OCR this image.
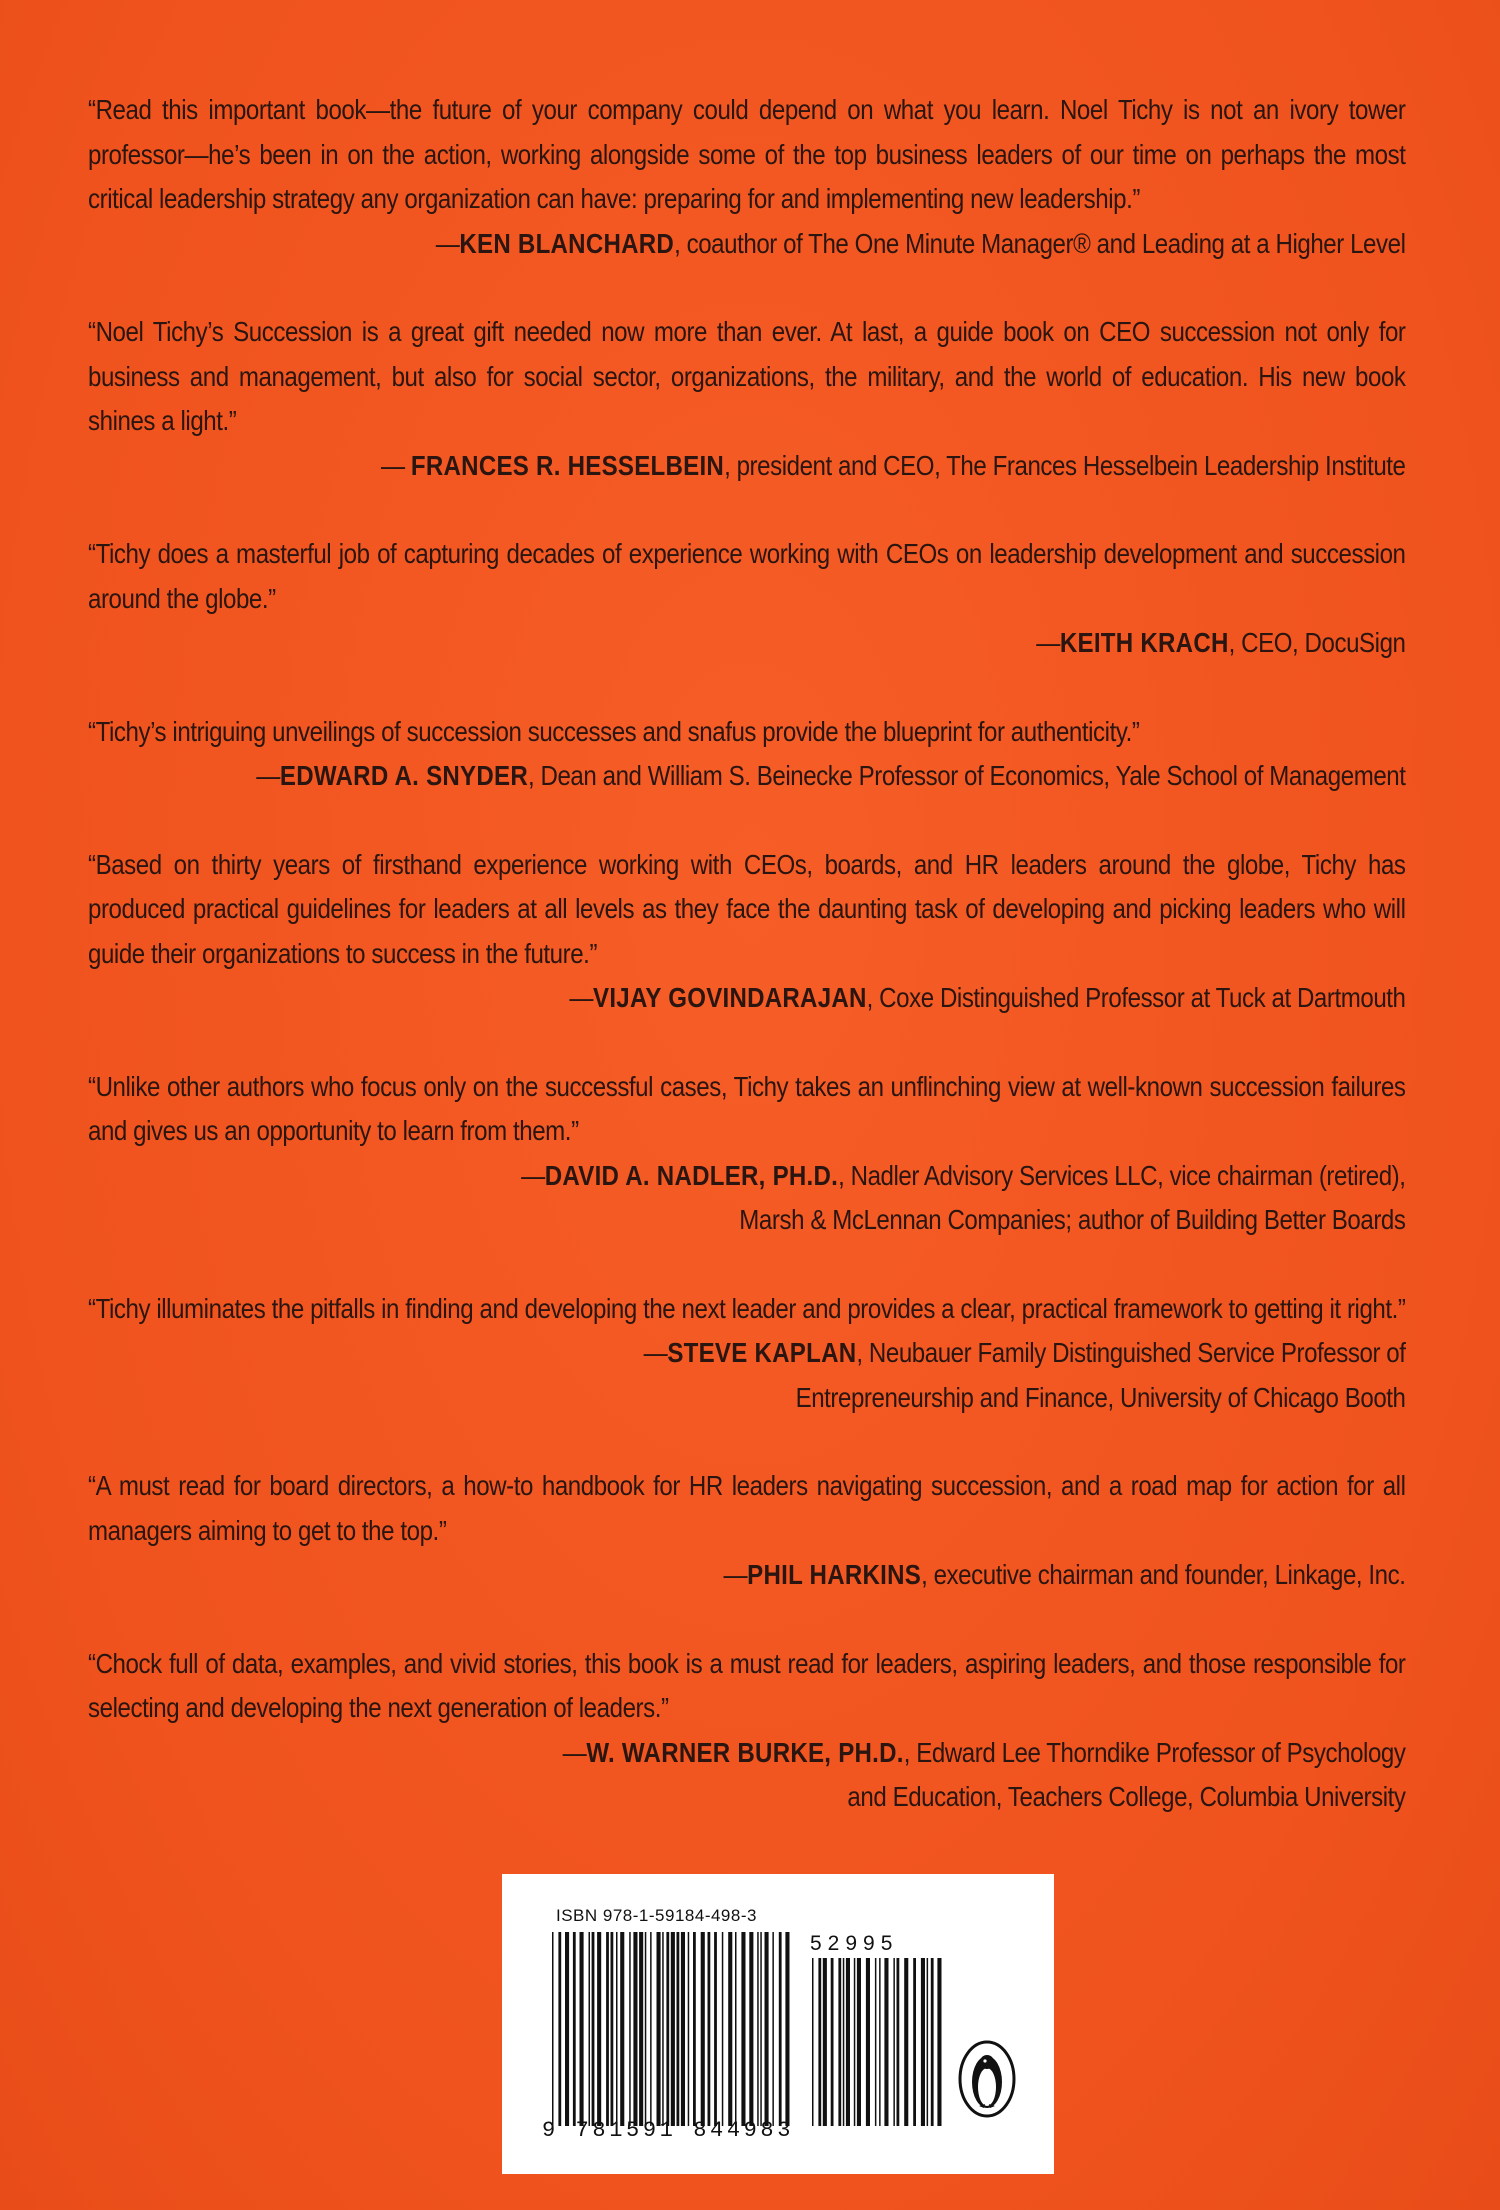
“Read this important book—the future of your company could depend on what you learn. Noel Tichy is not an ivory tower professor—he’s been in on the action, working alongside some of the top business leaders of our time on perhaps the most critical leadership strategy any organization can have: preparing for and implementing new leadership.”

—KEN BLANCHARD, coauthor of The One Minute Manager® and Leading at a Higher Level

“Noel Tichy’s Succession is a great gift needed now more than ever. At last, a guide book on CEO succession not only for business and management, but also for social sector, organizations, the military, and the world of education. His new book shines a light.”

— FRANCES R. HESSELBEIN, president and CEO, The Frances Hesselbein Leadership Institute

“Tichy does a masterful job of capturing decades of experience working with CEOs on leadership development and succession around the globe.”

—KEITH KRACH, CEO, DocuSign

“Tichy’s intriguing unveilings of succession successes and snafus provide the blueprint for authenticity.”

—EDWARD A. SNYDER, Dean and William S. Beinecke Professor of Economics, Yale School of Management

“Based on thirty years of firsthand experience working with CEOs, boards, and HR leaders around the globe, Tichy has produced practical guidelines for leaders at all levels as they face the daunting task of developing and picking leaders who will guide their organizations to success in the future.”

—VIJAY GOVINDARAJAN, Coxe Distinguished Professor at Tuck at Dartmouth

“Unlike other authors who focus only on the successful cases, Tichy takes an unflinching view at well-known succession failures and gives us an opportunity to learn from them.”

—DAVID A. NADLER, PH.D., Nadler Advisory Services LLC, vice chairman (retired),
Marsh & McLennan Companies; author of Building Better Boards

“Tichy illuminates the pitfalls in finding and developing the next leader and provides a clear, practical framework to getting it right.”

—STEVE KAPLAN, Neubauer Family Distinguished Service Professor of
Entrepreneurship and Finance, University of Chicago Booth

“A must read for board directors, a how-to handbook for HR leaders navigating succession, and a road map for action for all managers aiming to get to the top.”

—PHIL HARKINS, executive chairman and founder, Linkage, Inc.

“Chock full of data, examples, and vivid stories, this book is a must read for leaders, aspiring leaders, and those responsible for selecting and developing the next generation of leaders.”

—W. WARNER BURKE, PH.D., Edward Lee Thorndike Professor of Psychology
and Education, Teachers College, Columbia University

ISBN 978-1-59184-498-3
52995
9 781591 844983
